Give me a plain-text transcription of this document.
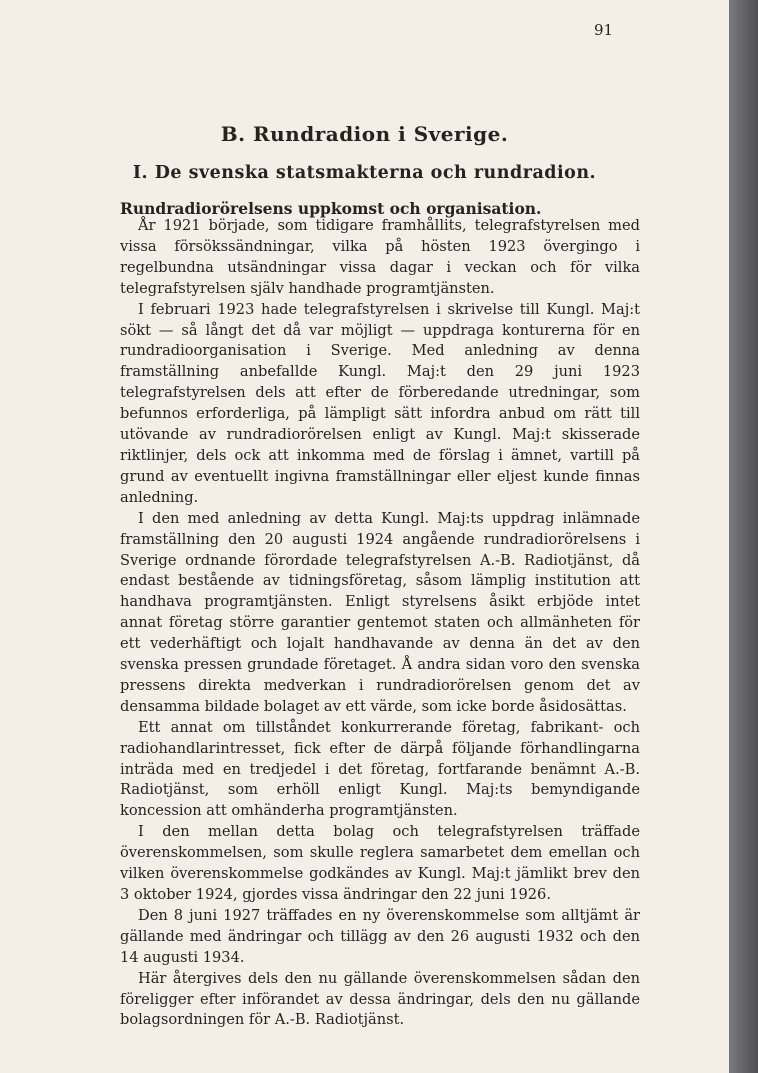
91
B. Rundradion i Sverige.
I. De svenska statsmakterna och rundradion.
Rundradiorörelsens uppkomst och organisation.

År 1921 började, som tidigare framhållits, telegrafstyrelsen med vissa försökssändningar, vilka på hösten 1923 övergingo i regelbundna utsändningar vissa dagar i veckan och för vilka telegrafstyrelsen själv handhade programtjänsten.

I februari 1923 hade telegrafstyrelsen i skrivelse till Kungl. Maj:t sökt — så långt det då var möjligt — uppdraga konturerna för en rundradioorganisation i Sverige. Med anledning av denna framställning anbefallde Kungl. Maj:t den 29 juni 1923 telegrafstyrelsen dels att efter de förberedande utredningar, som befunnos erforderliga, på lämpligt sätt infordra anbud om rätt till utövande av rundradiorörelsen enligt av Kungl. Maj:t skisserade riktlinjer, dels ock att inkomma med de förslag i ämnet, vartill på grund av eventuellt ingivna framställningar eller eljest kunde finnas anledning.

I den med anledning av detta Kungl. Maj:ts uppdrag inlämnade framställning den 20 augusti 1924 angående rundradiorörelsens i Sverige ordnande förordade telegrafstyrelsen A.-B. Radiotjänst, då endast bestående av tidningsföretag, såsom lämplig institution att handhava programtjänsten. Enligt styrelsens åsikt erbjöde intet annat företag större garantier gentemot staten och allmänheten för ett vederhäftigt och lojalt handhavande av denna än det av den svenska pressen grundade företaget. Å andra sidan voro den svenska pressens direkta medverkan i rundradiorörelsen genom det av densamma bildade bolaget av ett värde, som icke borde åsidosättas.

Ett annat om tillståndet konkurrerande företag, fabrikant- och radiohandlarintresset, fick efter de därpå följande förhandlingarna inträda med en tredjedel i det företag, fortfarande benämnt A.-B. Radiotjänst, som erhöll enligt Kungl. Maj:ts bemyndigande koncession att omhänderha programtjänsten.

I den mellan detta bolag och telegrafstyrelsen träffade överenskommelsen, som skulle reglera samarbetet dem emellan och vilken överenskommelse godkändes av Kungl. Maj:t jämlikt brev den 3 oktober 1924, gjordes vissa ändringar den 22 juni 1926.

Den 8 juni 1927 träffades en ny överenskommelse som alltjämt är gällande med ändringar och tillägg av den 26 augusti 1932 och den 14 augusti 1934.

Här återgives dels den nu gällande överenskommelsen sådan den föreligger efter införandet av dessa ändringar, dels den nu gällande bolagsordningen för A.-B. Radiotjänst.
